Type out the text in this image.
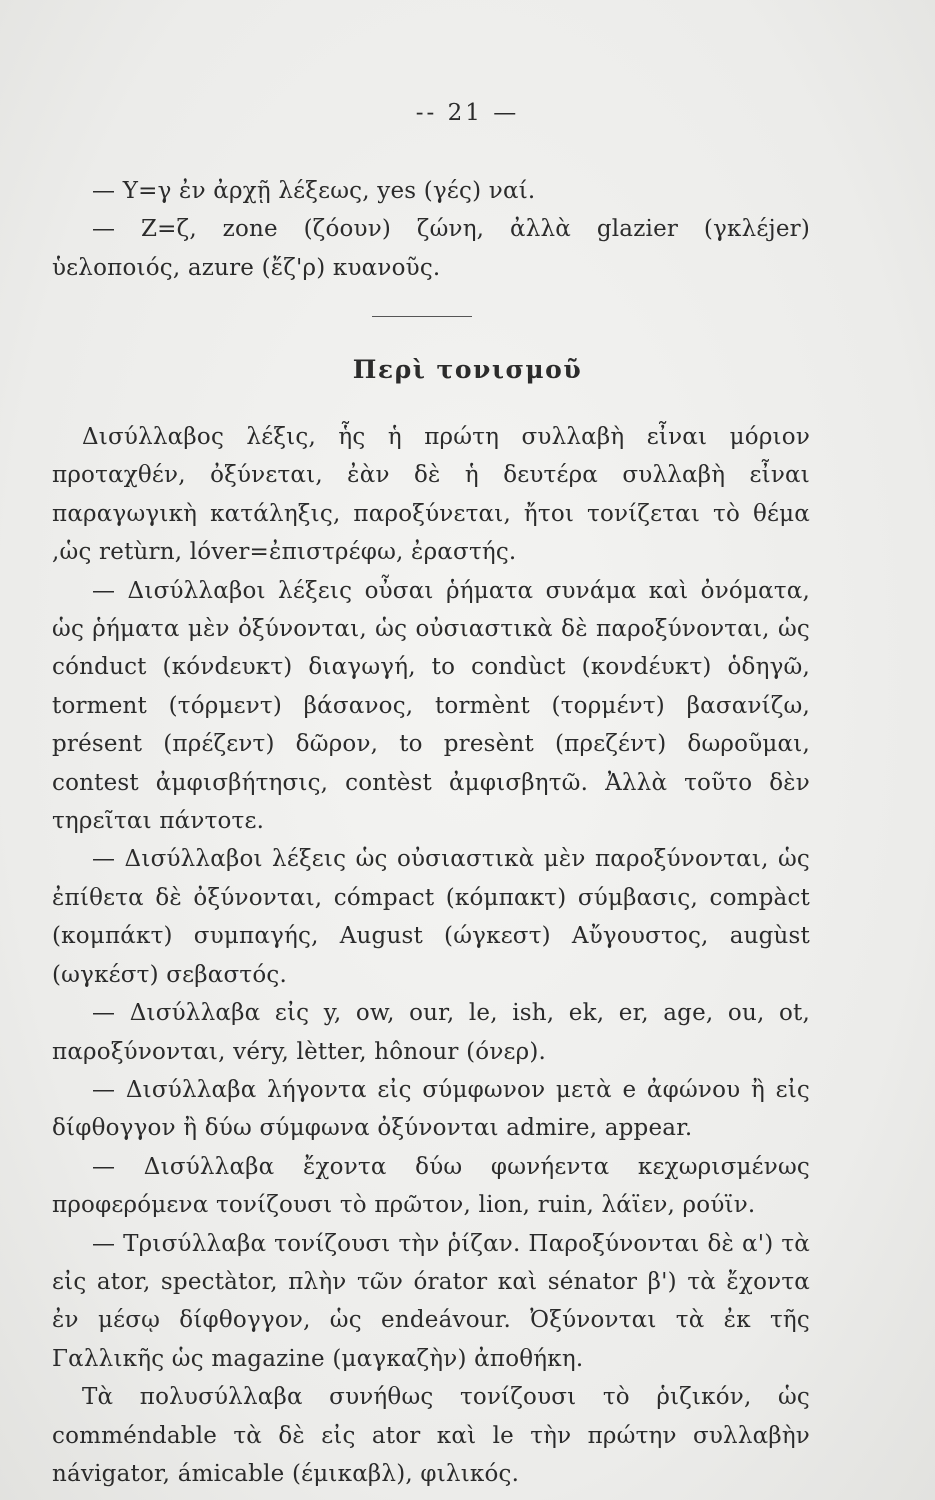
-- 21 —

— Y=γ ἐν ἀρχῇ λέξεως, yes (γές) ναί.

— Z=ζ, zone (ζόουν) ζώνη, ἀλλὰ glazier (γκλέjer) ὑελοποιός, azure (ἔζ'ρ) κυανοῦς.

Περὶ τονισμοῦ

Δισύλλαβος λέξις, ἧς ἡ πρώτη συλλαβὴ εἶναι μόριον προταχθέν, ὀξύνεται, ἐὰν δὲ ἡ δευτέρα συλλαβὴ εἶναι παραγωγικὴ κατάληξις, παροξύνεται, ἤτοι τονίζεται τὸ θέμα ,ὡς retùrn, lóver=ἐπιστρέφω, ἐραστής.

— Δισύλλαβοι λέξεις οὖσαι ῥήματα συνάμα καὶ ὀνόματα, ὡς ῥήματα μὲν ὀξύνονται, ὡς οὐσιαστικὰ δὲ παροξύνονται, ὡς cónduct (κόνdευκτ) διαγωγή, to condùct (κονdέυκτ) ὁδηγῶ, torment (τόρμεντ) βάσανος, tormènt (τορμέντ) βασανίζω, présent (πρέζεντ) δῶρον, to presènt (πρεζέντ) δωροῦμαι, contest ἀμφισβήτησις, contèst ἀμφισβητῶ. Ἀλλὰ τοῦτο δὲν τηρεῖται πάντοτε.

— Δισύλλαβοι λέξεις ὡς οὐσιαστικὰ μὲν παροξύνονται, ὡς ἐπίθετα δὲ ὀξύνονται, cómpact (κόμπακτ) σύμβασις, compàct (κομπάκτ) συμπαγής, August (ώγκεστ) Αὔγουστος, augùst (ωγκέστ) σεβαστός.

— Δισύλλαβα εἰς y, ow, our, le, ish, ek, er, age, ou, ot, παροξύνονται, véry, lètter, hônour (όνερ).

— Δισύλλαβα λήγοντα εἰς σύμφωνον μετὰ e ἀφώνου ἢ εἰς δίφθογγον ἢ δύω σύμφωνα ὀξύνονται admire, appear.

— Δισύλλαβα ἔχοντα δύω φωνήεντα κεχωρισμένως προφερόμενα τονίζουσι τὸ πρῶτον, lion, ruin, λάϊεν, ρούϊν.

— Τρισύλλαβα τονίζουσι τὴν ῥίζαν. Παροξύνονται δὲ α') τὰ εἰς ator, spectàtor, πλὴν τῶν órator καὶ sénator β') τὰ ἔχοντα ἐν μέσῳ δίφθογγον, ὡς endeávour. Ὀξύνονται τὰ ἐκ τῆς Γαλλικῆς ὡς magazine (μαγκαζὴν) ἀποθήκη.

Τὰ πολυσύλλαβα συνήθως τονίζουσι τὸ ῥιζικόν, ὡς comméndable τὰ δὲ εἰς ator καὶ le τὴν πρώτην συλλαβὴν návigator, ámicable (έμικαβλ), φιλικός.
